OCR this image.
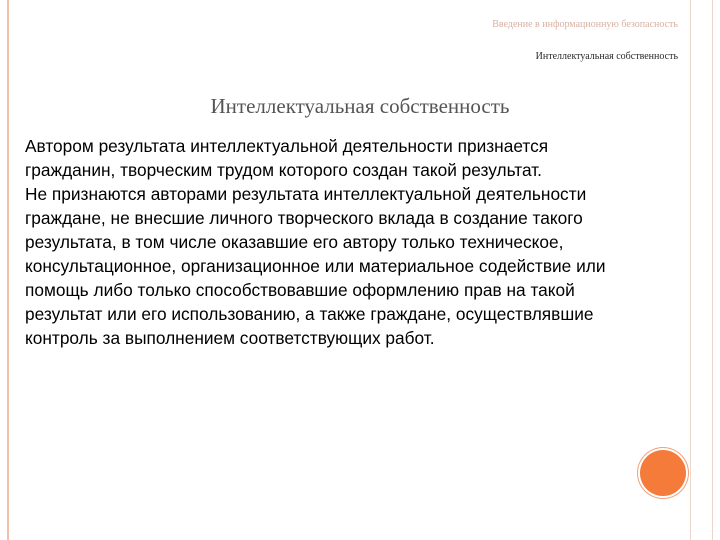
Введение в информационную безопасность
Интеллектуальная собственность
Интеллектуальная собственность

Автором результата интеллектуальной деятельности признается гражданин, творческим трудом которого создан такой результат.

Не признаются авторами результата интеллектуальной деятельности граждане, не внесшие личного творческого вклада в создание такого результата, в том числе оказавшие его автору только техническое, консультационное, организационное или материальное содействие или помощь либо только способствовавшие оформлению прав на такой результат или его использованию, а также граждане, осуществлявшие контроль за выполнением соответствующих работ.
